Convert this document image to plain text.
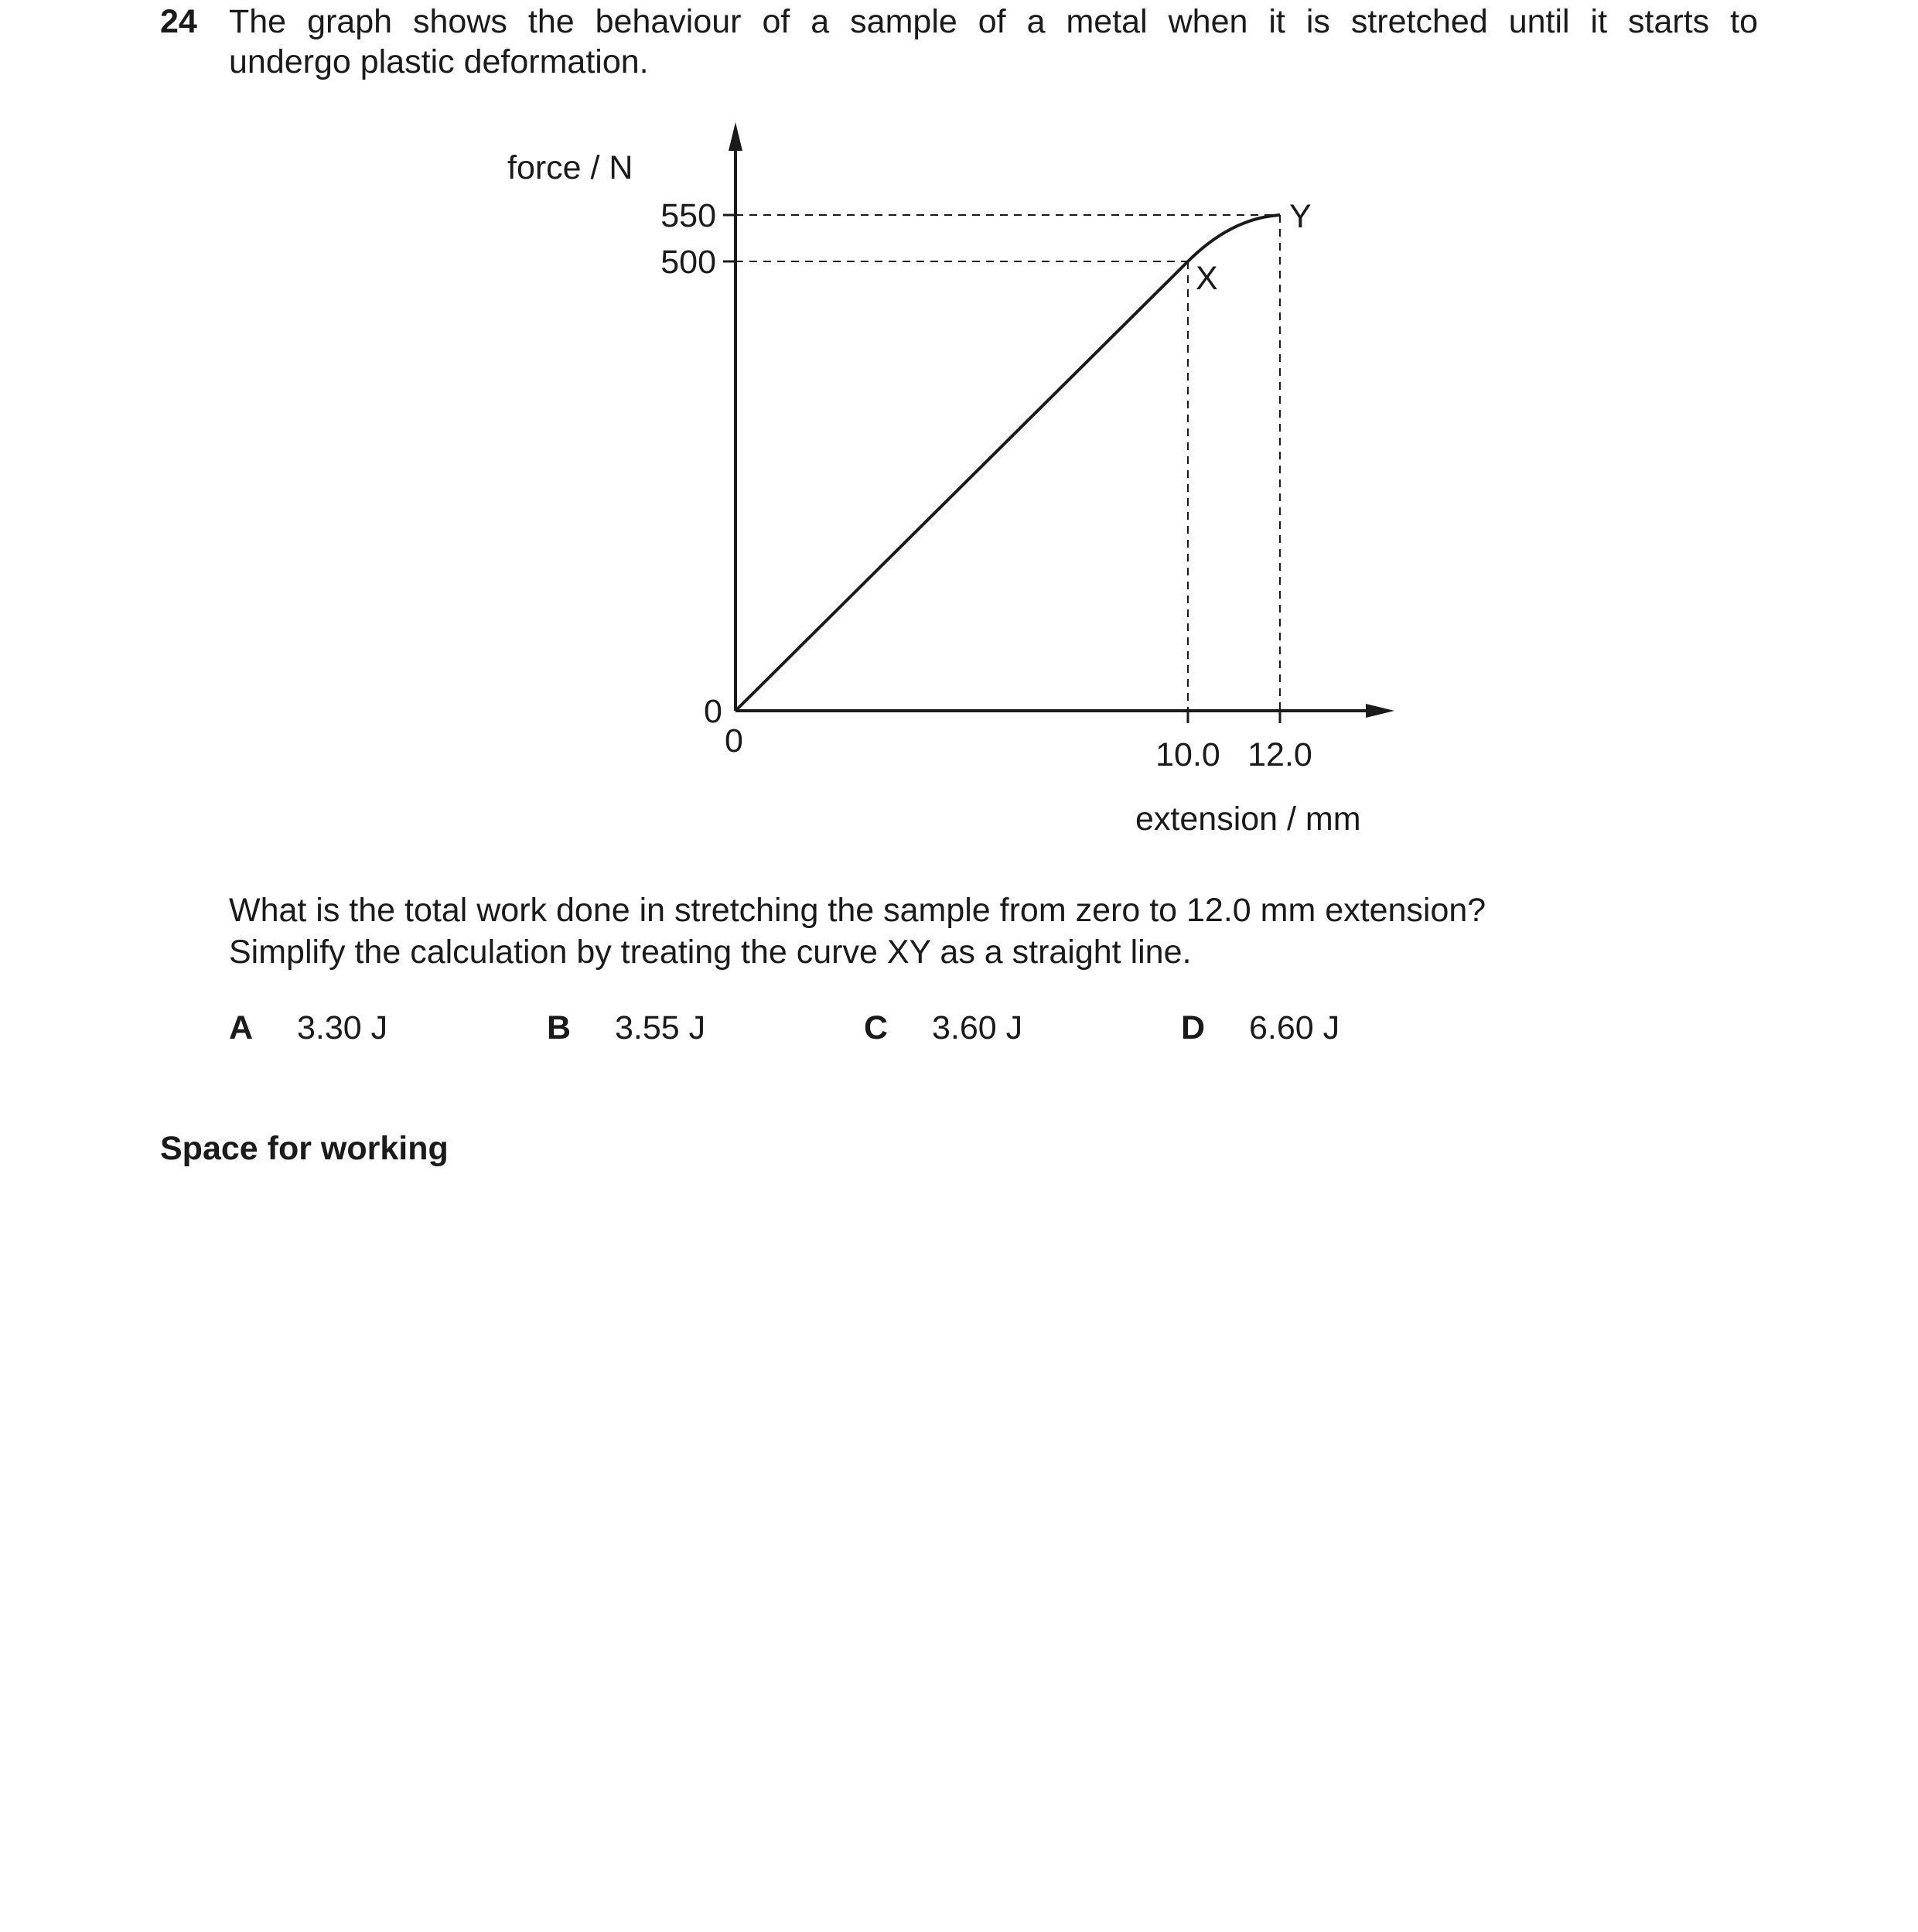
24 The graph shows the behaviour of a sample of a metal when it is stretched until it starts to
undergo plastic deformation.
force / N
extension / mm
0
0
550
500
10.0 12.0
X
Y
What is the total work done in stretching the sample from zero to 12.0 mm extension?
Simplify the calculation by treating the curve XY as a straight line.
A 3.30 J	B 3.55 J	C 3.60 J	D 6.60 J
Space for working
